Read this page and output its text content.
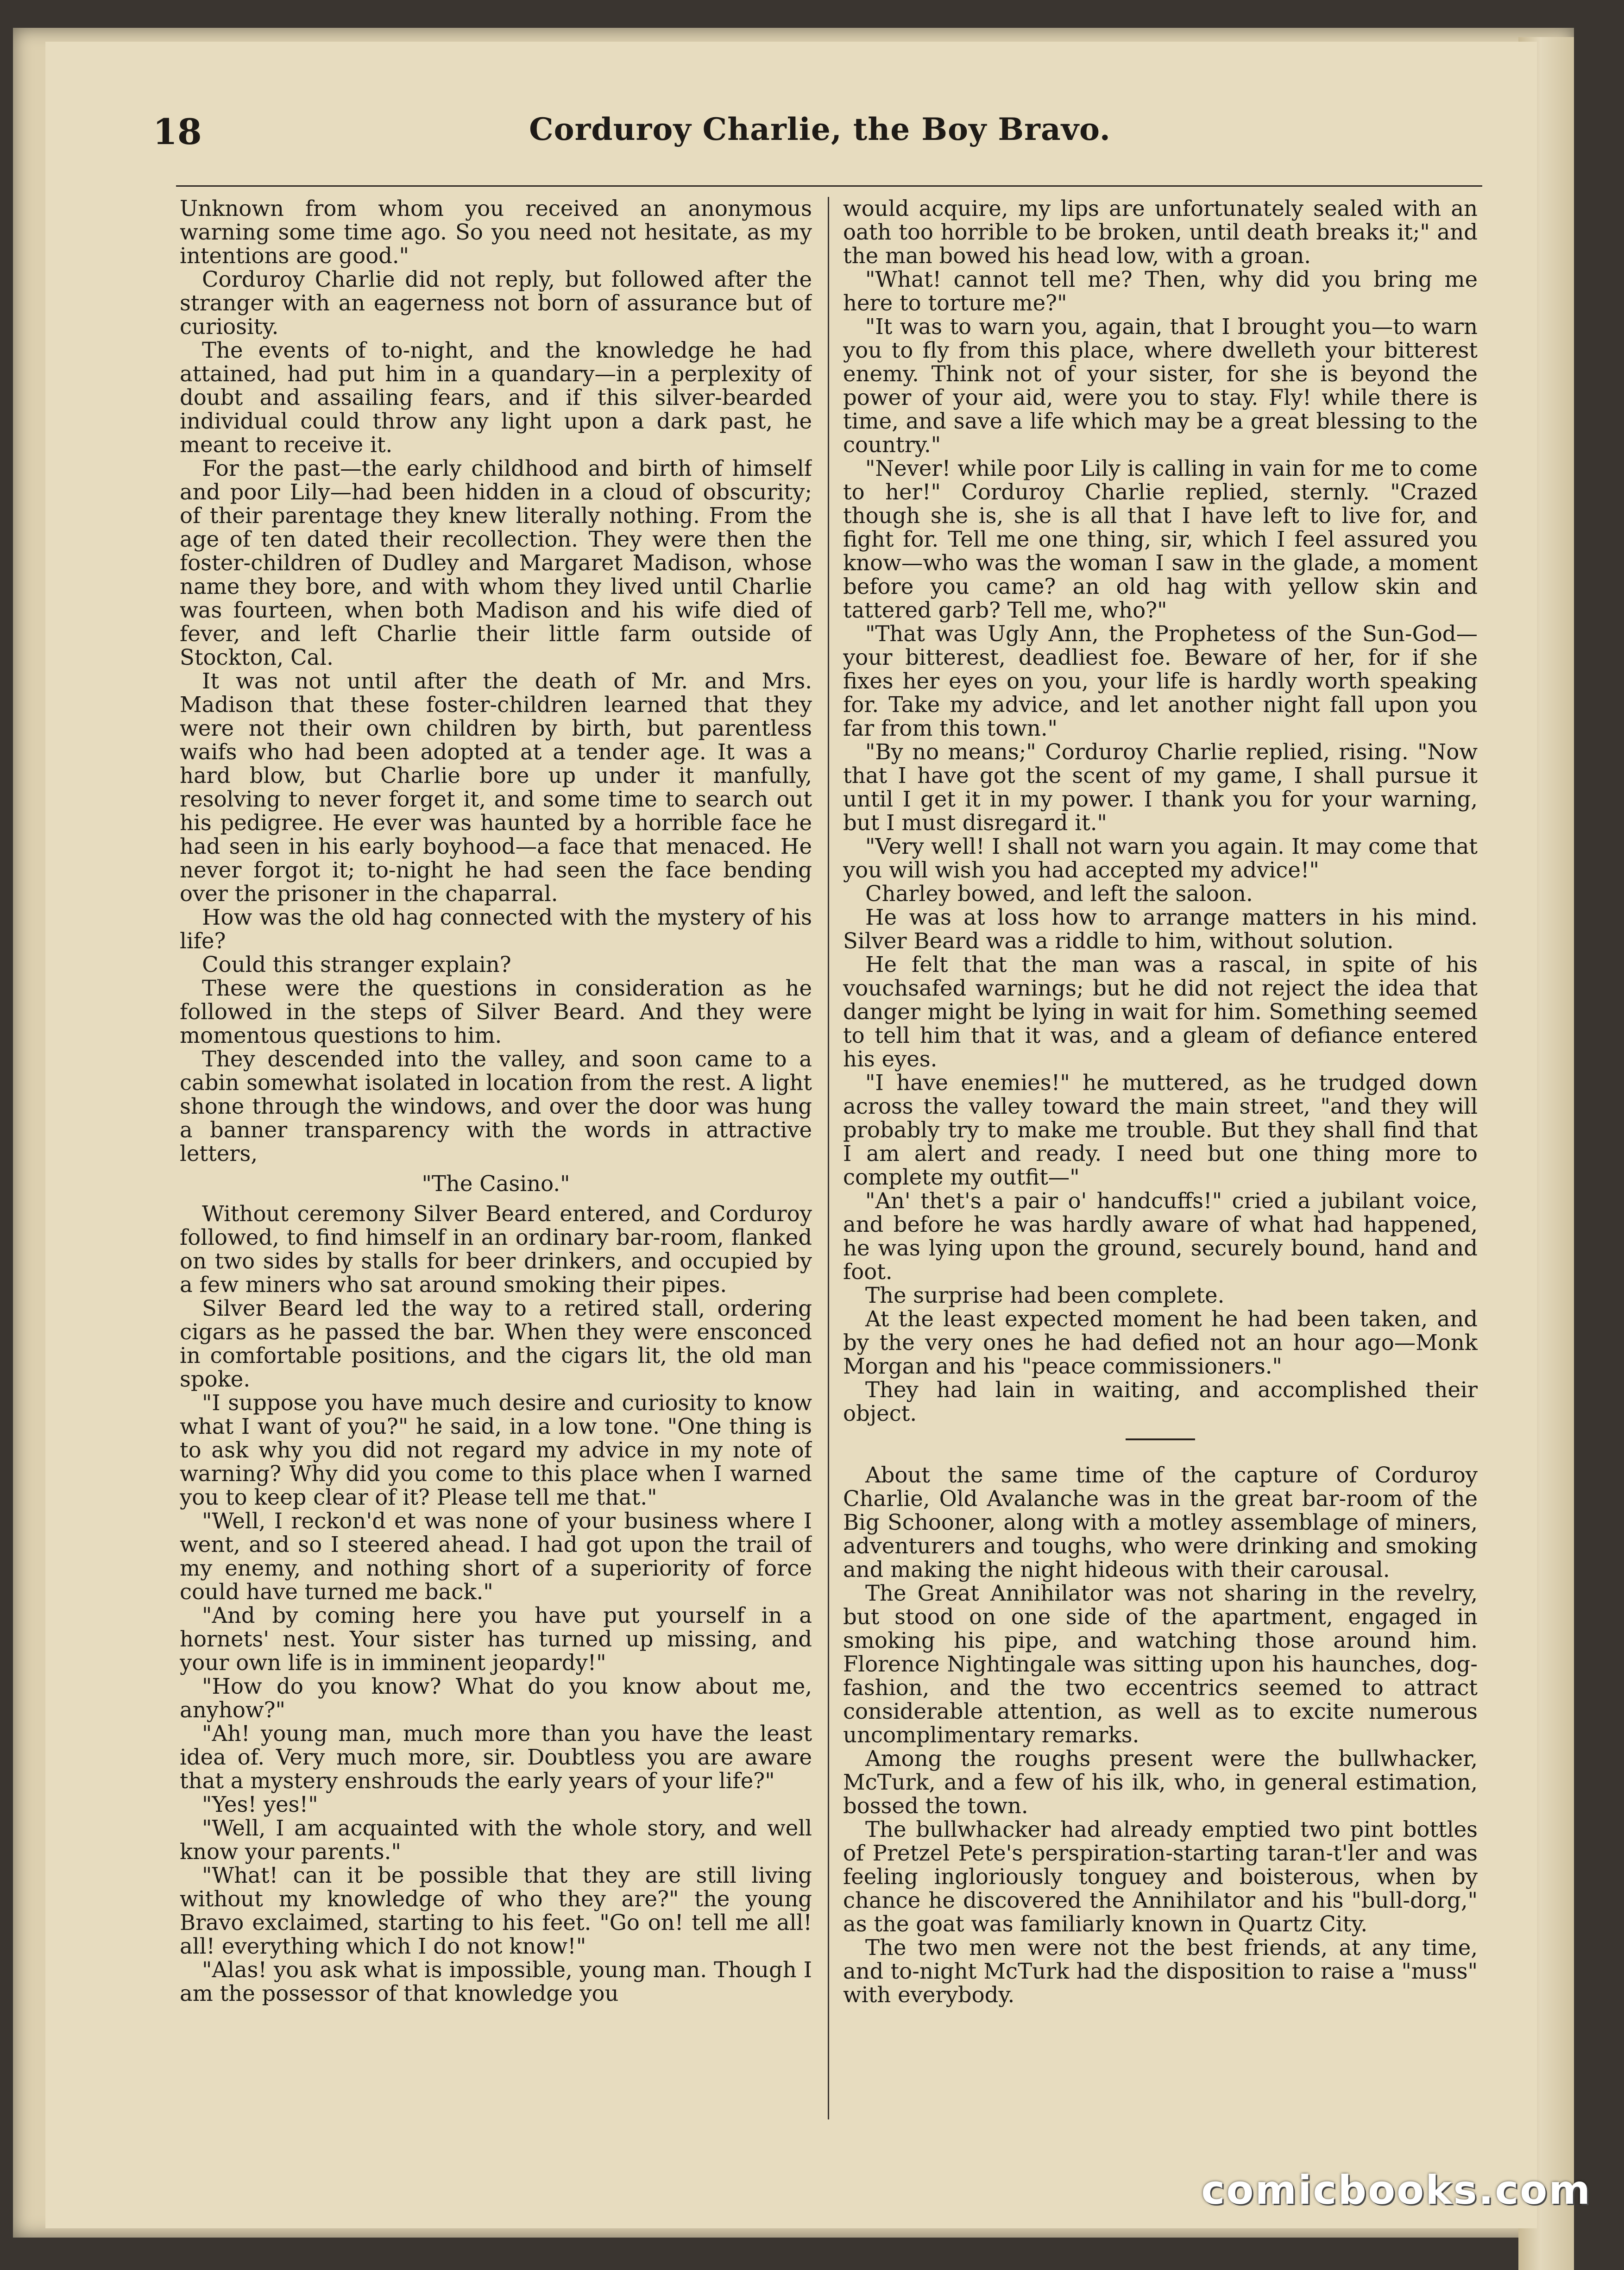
18	Corduroy Charlie, the Boy Bravo.

Unknown from whom you received an anonymous warning some time ago. So you need not hesitate, as my intentions are good."

Corduroy Charlie did not reply, but followed after the stranger with an eagerness not born of assurance but of curiosity.

The events of to-night, and the knowledge he had attained, had put him in a quandary—in a perplexity of doubt and assailing fears, and if this silver-bearded individual could throw any light upon a dark past, he meant to receive it.

For the past—the early childhood and birth of himself and poor Lily—had been hidden in a cloud of obscurity; of their parentage they knew literally nothing. From the age of ten dated their recollection. They were then the foster-children of Dudley and Margaret Madison, whose name they bore, and with whom they lived until Charlie was fourteen, when both Madison and his wife died of fever, and left Charlie their little farm outside of Stockton, Cal.

It was not until after the death of Mr. and Mrs. Madison that these foster-children learned that they were not their own children by birth, but parentless waifs who had been adopted at a tender age. It was a hard blow, but Charlie bore up under it manfully, resolving to never forget it, and some time to search out his pedigree. He ever was haunted by a horrible face he had seen in his early boyhood—a face that menaced. He never forgot it; to-night he had seen the face bending over the prisoner in the chaparral.

How was the old hag connected with the mystery of his life?

Could this stranger explain?

These were the questions in consideration as he followed in the steps of Silver Beard. And they were momentous questions to him.

They descended into the valley, and soon came to a cabin somewhat isolated in location from the rest. A light shone through the windows, and over the door was hung a banner transparency with the words in attractive letters,

"The Casino."

Without ceremony Silver Beard entered, and Corduroy followed, to find himself in an ordinary bar-room, flanked on two sides by stalls for beer drinkers, and occupied by a few miners who sat around smoking their pipes.

Silver Beard led the way to a retired stall, ordering cigars as he passed the bar. When they were ensconced in comfortable positions, and the cigars lit, the old man spoke.

"I suppose you have much desire and curiosity to know what I want of you?" he said, in a low tone. "One thing is to ask why you did not regard my advice in my note of warning? Why did you come to this place when I warned you to keep clear of it? Please tell me that."

"Well, I reckon'd et was none of your business where I went, and so I steered ahead. I had got upon the trail of my enemy, and nothing short of a superiority of force could have turned me back."

"And by coming here you have put yourself in a hornets' nest. Your sister has turned up missing, and your own life is in imminent jeopardy!"

"How do you know? What do you know about me, anyhow?"

"Ah! young man, much more than you have the least idea of. Very much more, sir. Doubtless you are aware that a mystery enshrouds the early years of your life?"

"Yes! yes!"

"Well, I am acquainted with the whole story, and well know your parents."

"What! can it be possible that they are still living without my knowledge of who they are?" the young Bravo exclaimed, starting to his feet. "Go on! tell me all! all! everything which I do not know!"

"Alas! you ask what is impossible, young man. Though I am the possessor of that knowledge you

would acquire, my lips are unfortunately sealed with an oath too horrible to be broken, until death breaks it;" and the man bowed his head low, with a groan.

"What! cannot tell me? Then, why did you bring me here to torture me?"

"It was to warn you, again, that I brought you—to warn you to fly from this place, where dwelleth your bitterest enemy. Think not of your sister, for she is beyond the power of your aid, were you to stay. Fly! while there is time, and save a life which may be a great blessing to the country."

"Never! while poor Lily is calling in vain for me to come to her!" Corduroy Charlie replied, sternly. "Crazed though she is, she is all that I have left to live for, and fight for. Tell me one thing, sir, which I feel assured you know—who was the woman I saw in the glade, a moment before you came? an old hag with yellow skin and tattered garb? Tell me, who?"

"That was Ugly Ann, the Prophetess of the Sun-God—your bitterest, deadliest foe. Beware of her, for if she fixes her eyes on you, your life is hardly worth speaking for. Take my advice, and let another night fall upon you far from this town."

"By no means;" Corduroy Charlie replied, rising. "Now that I have got the scent of my game, I shall pursue it until I get it in my power. I thank you for your warning, but I must disregard it."

"Very well! I shall not warn you again. It may come that you will wish you had accepted my advice!"

Charley bowed, and left the saloon.

He was at loss how to arrange matters in his mind. Silver Beard was a riddle to him, without solution.

He felt that the man was a rascal, in spite of his vouchsafed warnings; but he did not reject the idea that danger might be lying in wait for him. Something seemed to tell him that it was, and a gleam of defiance entered his eyes.

"I have enemies!" he muttered, as he trudged down across the valley toward the main street, "and they will probably try to make me trouble. But they shall find that I am alert and ready. I need but one thing more to complete my outfit—"

"An' thet's a pair o' handcuffs!" cried a jubilant voice, and before he was hardly aware of what had happened, he was lying upon the ground, securely bound, hand and foot.

The surprise had been complete.

At the least expected moment he had been taken, and by the very ones he had defied not an hour ago—Monk Morgan and his "peace commissioners."

They had lain in waiting, and accomplished their object.

About the same time of the capture of Corduroy Charlie, Old Avalanche was in the great bar-room of the Big Schooner, along with a motley assemblage of miners, adventurers and toughs, who were drinking and smoking and making the night hideous with their carousal.

The Great Annihilator was not sharing in the revelry, but stood on one side of the apartment, engaged in smoking his pipe, and watching those around him. Florence Nightingale was sitting upon his haunches, dog-fashion, and the two eccentrics seemed to attract considerable attention, as well as to excite numerous uncomplimentary remarks.

Among the roughs present were the bullwhacker, McTurk, and a few of his ilk, who, in general estimation, bossed the town.

The bullwhacker had already emptied two pint bottles of Pretzel Pete's perspiration-starting taran-t'ler and was feeling ingloriously tonguey and boisterous, when by chance he discovered the Annihilator and his "bull-dorg," as the goat was familiarly known in Quartz City.

The two men were not the best friends, at any time, and to-night McTurk had the disposition to raise a "muss" with everybody.

comicbooks.com
